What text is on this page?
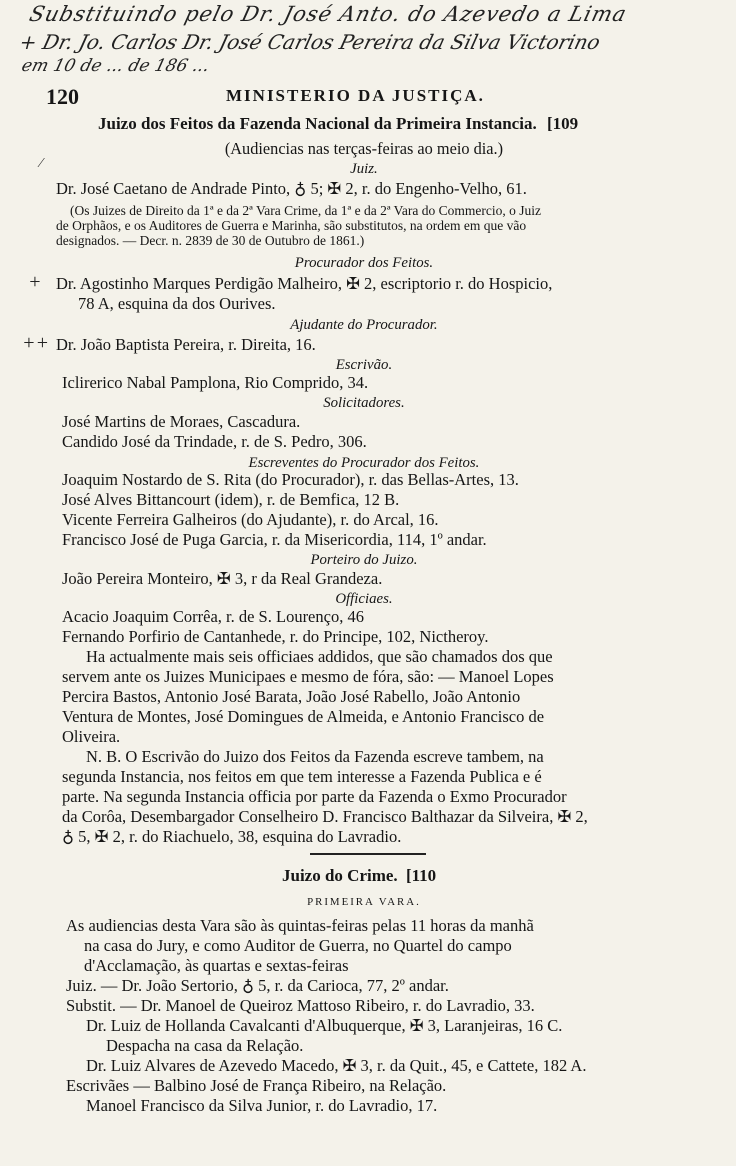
Substituindo pelo Dr. José Anto. do Azevedo a Lima
+ Dr. Jo. Carlos Dr. José Carlos Pereira da Silva Victorino
em 10 de ... de 186 ...
120	MINISTERIO DA JUSTIÇA.
Juizo dos Feitos da Fazenda Nacional da Primeira Instancia. [109
(Audiencias nas terças-feiras ao meio dia.)
⁄	Juiz.
Dr. José Caetano de Andrade Pinto, ♁ 5; ✠ 2, r. do Engenho-Velho, 61.
(Os Juizes de Direito da 1ª e da 2ª Vara Crime, da 1ª e da 2ª Vara do Commercio, o Juiz
de Orphãos, e os Auditores de Guerra e Marinha, são substitutos, na ordem em que vão
designados. — Decr. n. 2839 de 30 de Outubro de 1861.)
Procurador dos Feitos.
+ Dr. Agostinho Marques Perdigão Malheiro, ✠ 2, escriptorio r. do Hospicio,
78 A, esquina da dos Ourives.
Ajudante do Procurador.
++ Dr. João Baptista Pereira, r. Direita, 16.
Escrivão.
Iclirerico Nabal Pamplona, Rio Comprido, 34.
Solicitadores.
José Martins de Moraes, Cascadura.
Candido José da Trindade, r. de S. Pedro, 306.
Escreventes do Procurador dos Feitos.
Joaquim Nostardo de S. Rita (do Procurador), r. das Bellas-Artes, 13.
José Alves Bittancourt (idem), r. de Bemfica, 12 B.
Vicente Ferreira Galheiros (do Ajudante), r. do Arcal, 16.
Francisco José de Puga Garcia, r. da Misericordia, 114, 1º andar.
Porteiro do Juizo.
João Pereira Monteiro, ✠ 3, r da Real Grandeza.
Officiaes.
Acacio Joaquim Corrêa, r. de S. Lourenço, 46
Fernando Porfirio de Cantanhede, r. do Principe, 102, Nictheroy.
Ha actualmente mais seis officiaes addidos, que são chamados dos que
servem ante os Juizes Municipaes e mesmo de fóra, são: — Manoel Lopes
Percira Bastos, Antonio José Barata, João José Rabello, João Antonio
Ventura de Montes, José Domingues de Almeida, e Antonio Francisco de
Oliveira.
N. B. O Escrivão do Juizo dos Feitos da Fazenda escreve tambem, na
segunda Instancia, nos feitos em que tem interesse a Fazenda Publica e é
parte. Na segunda Instancia officia por parte da Fazenda o Exmo Procurador
da Corôa, Desembargador Conselheiro D. Francisco Balthazar da Silveira, ✠ 2,
♁ 5, ✠ 2, r. do Riachuelo, 38, esquina do Lavradio.
Juizo do Crime. [110
PRIMEIRA VARA.
As audiencias desta Vara são às quintas-feiras pelas 11 horas da manhã
na casa do Jury, e como Auditor de Guerra, no Quartel do campo
d'Acclamação, às quartas e sextas-feiras
Juiz. — Dr. João Sertorio, ♁ 5, r. da Carioca, 77, 2º andar.
Substit. — Dr. Manoel de Queiroz Mattoso Ribeiro, r. do Lavradio, 33.
Dr. Luiz de Hollanda Cavalcanti d'Albuquerque, ✠ 3, Laranjeiras, 16 C.
Despacha na casa da Relação.
Dr. Luiz Alvares de Azevedo Macedo, ✠ 3, r. da Quit., 45, e Cattete, 182 A.
Escrivães — Balbino José de França Ribeiro, na Relação.
Manoel Francisco da Silva Junior, r. do Lavradio, 17.
